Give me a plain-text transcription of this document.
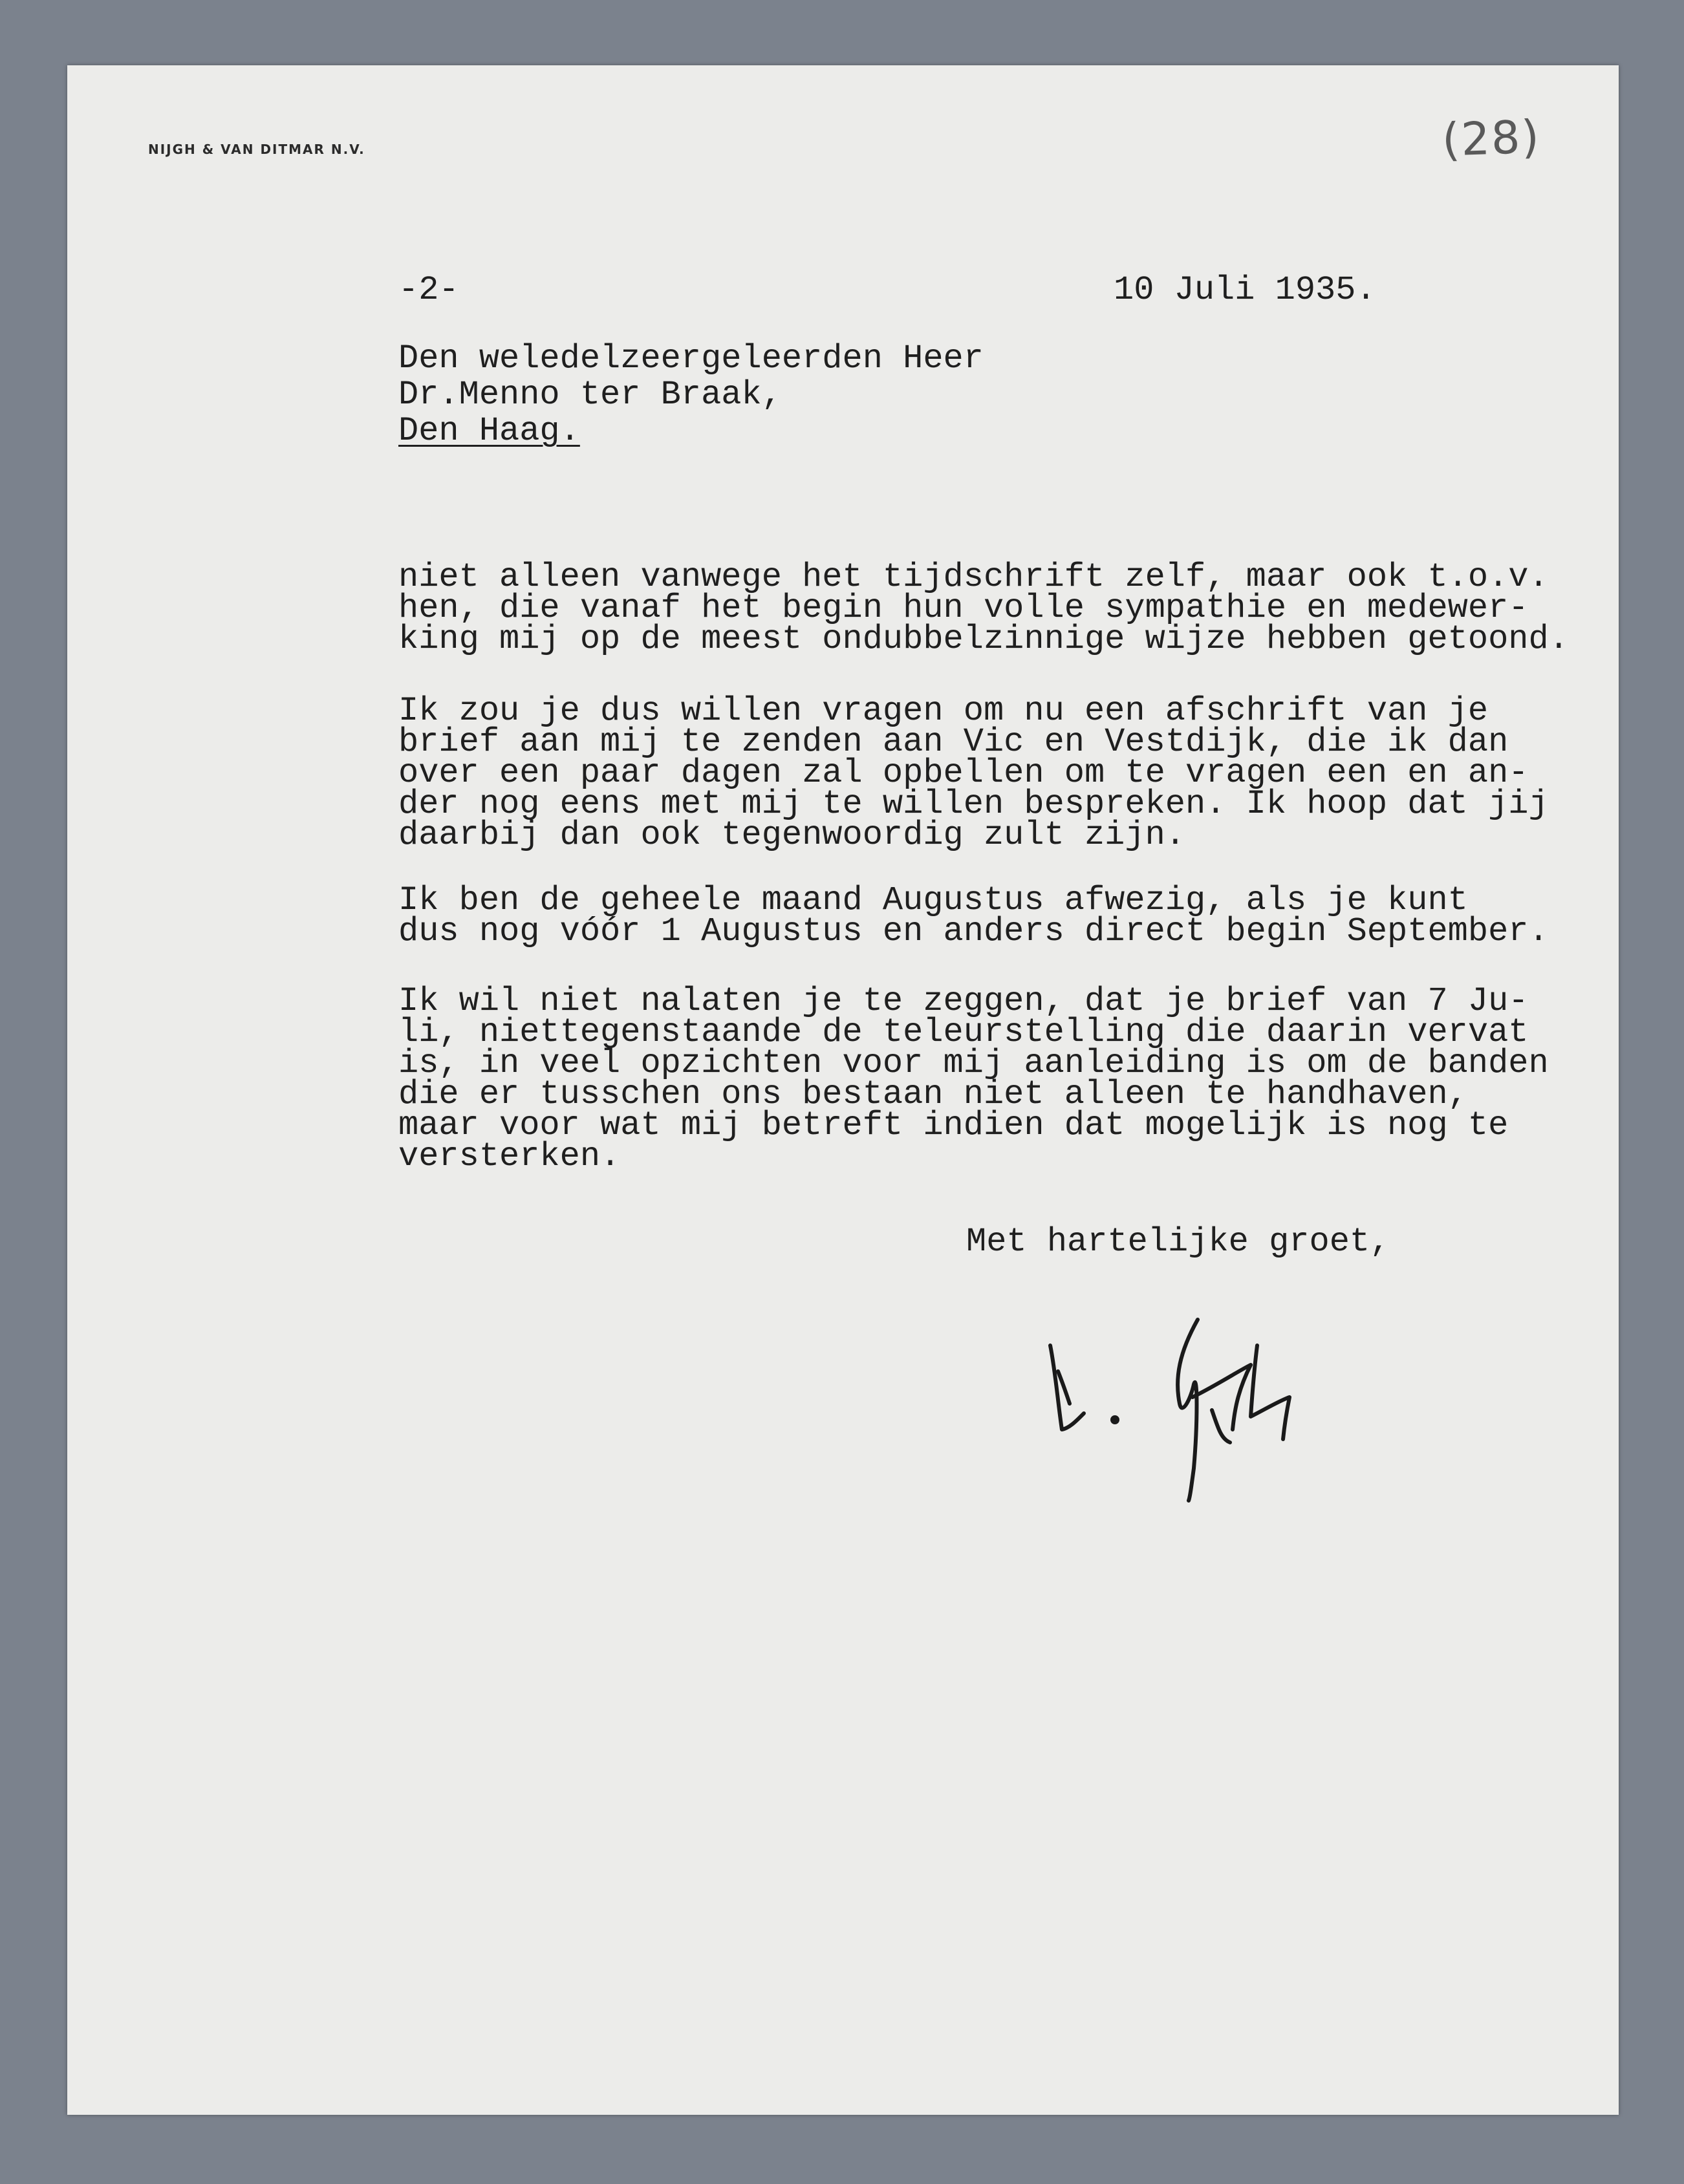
NIJGH & VAN DITMAR N.V.	(28)
-2-	10 Juli 1935.
Den weledelzeergeleerden Heer
Dr.Menno ter Braak,
Den Haag.
niet alleen vanwege het tijdschrift zelf, maar ook t.o.v.
hen, die vanaf het begin hun volle sympathie en medewer-
king mij op de meest ondubbelzinnige wijze hebben getoond.
Ik zou je dus willen vragen om nu een afschrift van je
brief aan mij te zenden aan Vic en Vestdijk, die ik dan
over een paar dagen zal opbellen om te vragen een en an-
der nog eens met mij te willen bespreken. Ik hoop dat jij
daarbij dan ook tegenwoordig zult zijn.
Ik ben de geheele maand Augustus afwezig, als je kunt
dus nog vóór 1 Augustus en anders direct begin September.
Ik wil niet nalaten je te zeggen, dat je brief van 7 Ju-
li, niettegenstaande de teleurstelling die daarin vervat
is, in veel opzichten voor mij aanleiding is om de banden
die er tusschen ons bestaan niet alleen te handhaven,
maar voor wat mij betreft indien dat mogelijk is nog te
versterken.
Met hartelijke groet,
